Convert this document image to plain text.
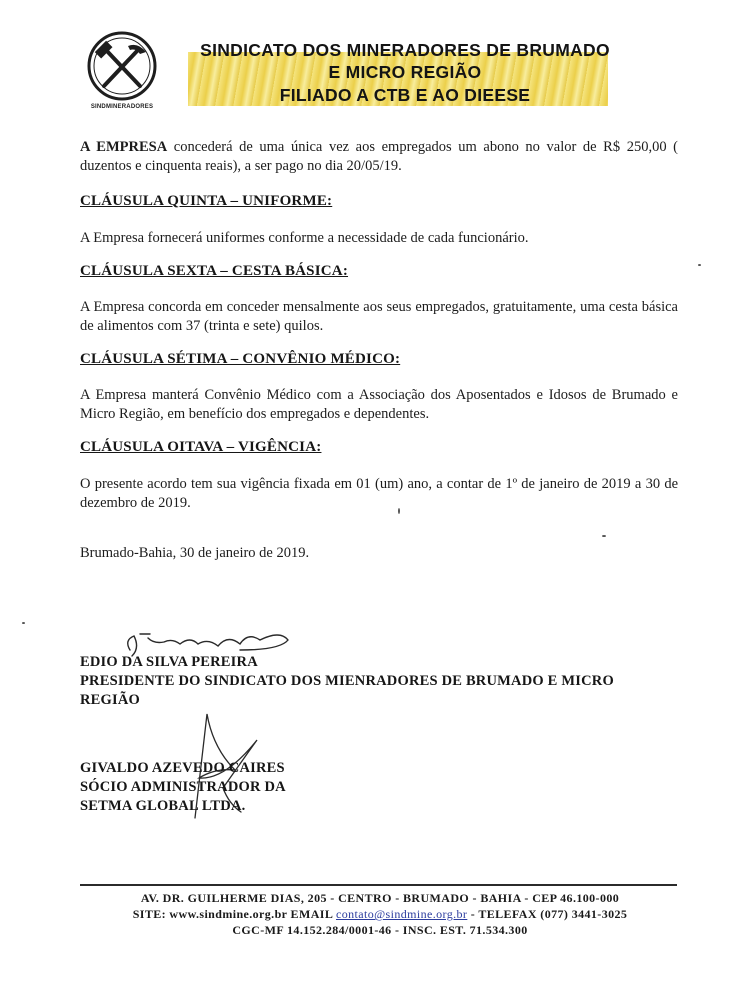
SINDMINERADORES
SINDICATO DOS MINERADORES DE BRUMADO
E MICRO REGIÃO
FILIADO A CTB E AO DIEESE
A EMPRESA concederá de uma única vez aos empregados um abono no valor de R$ 250,00 ( duzentos e cinquenta reais), a ser pago no dia 20/05/19.
CLÁUSULA QUINTA – UNIFORME:
A Empresa fornecerá uniformes conforme a necessidade de cada funcionário.
CLÁUSULA SEXTA – CESTA BÁSICA:
A Empresa concorda em conceder mensalmente aos seus empregados, gratuitamente, uma cesta básica de alimentos com 37 (trinta e sete) quilos.
CLÁUSULA SÉTIMA – CONVÊNIO MÉDICO:
A Empresa manterá Convênio Médico com a Associação dos Aposentados e Idosos de Brumado e Micro Região, em benefício dos empregados e dependentes.
CLÁUSULA OITAVA – VIGÊNCIA:
O presente acordo tem sua vigência fixada em 01 (um) ano, a contar de 1º de janeiro de 2019 a 30 de dezembro de 2019.
Brumado-Bahia, 30 de janeiro de 2019.
EDIO DA SILVA PEREIRA
PRESIDENTE DO SINDICATO DOS MIENRADORES DE BRUMADO E MICRO
REGIÃO
GIVALDO AZEVEDO CAIRES
SÓCIO ADMINISTRADOR DA
SETMA GLOBAL LTDA.
AV. DR. GUILHERME DIAS, 205 - CENTRO - BRUMADO - BAHIA - CEP 46.100-000
SITE: www.sindmine.org.br EMAIL contato@sindmine.org.br - TELEFAX (077) 3441-3025
CGC-MF 14.152.284/0001-46 - INSC. EST. 71.534.300
